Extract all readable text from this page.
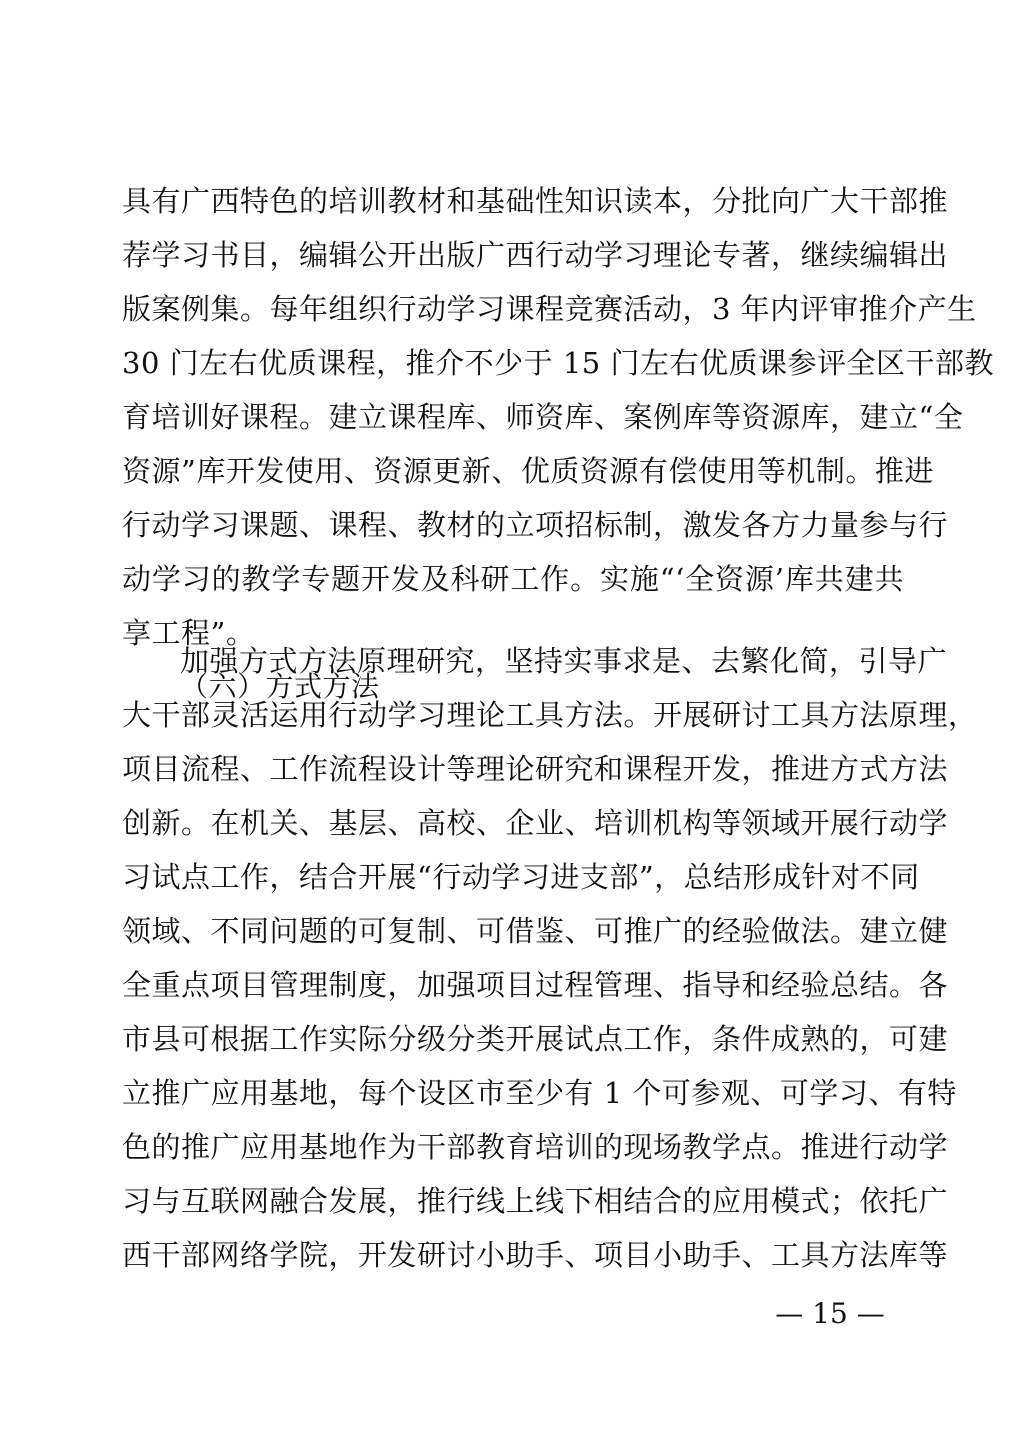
具有广西特色的培训教材和基础性知识读本，分批向广大干部推
荐学习书目，编辑公开出版广西行动学习理论专著，继续编辑出
版案例集。每年组织行动学习课程竞赛活动，3 年内评审推介产生
30 门左右优质课程，推介不少于 15 门左右优质课参评全区干部教
育培训好课程。建立课程库、师资库、案例库等资源库，建立“全
资源”库开发使用、资源更新、优质资源有偿使用等机制。推进
行动学习课题、课程、教材的立项招标制，激发各方力量参与行
动学习的教学专题开发及科研工作。实施“‘全资源’库共建共
享工程”。
（六）方式方法
加强方式方法原理研究，坚持实事求是、去繁化简，引导广
大干部灵活运用行动学习理论工具方法。开展研讨工具方法原理，
项目流程、工作流程设计等理论研究和课程开发，推进方式方法
创新。在机关、基层、高校、企业、培训机构等领域开展行动学
习试点工作，结合开展“行动学习进支部”，总结形成针对不同
领域、不同问题的可复制、可借鉴、可推广的经验做法。建立健
全重点项目管理制度，加强项目过程管理、指导和经验总结。各
市县可根据工作实际分级分类开展试点工作，条件成熟的，可建
立推广应用基地，每个设区市至少有 1 个可参观、可学习、有特
色的推广应用基地作为干部教育培训的现场教学点。推进行动学
习与互联网融合发展，推行线上线下相结合的应用模式；依托广
西干部网络学院，开发研讨小助手、项目小助手、工具方法库等
— 15 —
